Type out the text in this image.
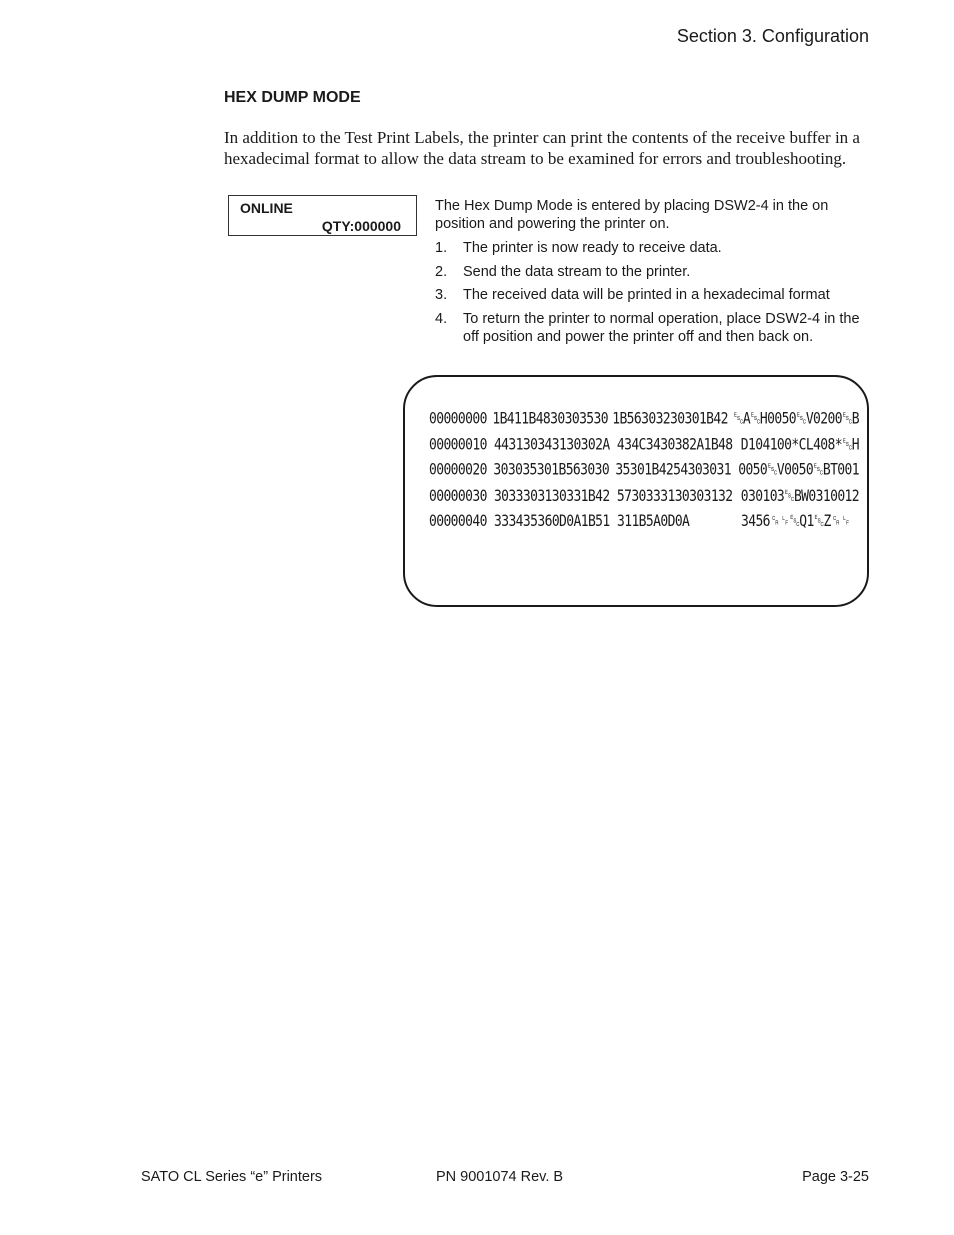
Section 3. Configuration
HEX DUMP MODE

In addition to the Test Print Labels, the printer can print the contents of the receive buffer in a hexadecimal format to allow the data stream to be examined for errors and troubleshooting.

ONLINE
QTY:000000

The Hex Dump Mode is entered by placing DSW2-4 in the on position and powering the printer on.

1. The printer is now ready to receive data.
2. Send the data stream to the printer.
3. The received data will be printed in a hexadecimal format
4. To return the printer to normal operation, place DSW2-4 in the off position and power the printer off and then back on.
00000000 1B411B4830303530 1B56303230301B42 ␛A␛H0050␛V0200␛B
00000010 443130343130302A 434C3430382A1B48 D104100*CL408*␛H
00000020 303035301B563030 35301B4254303031 0050␛V0050␛BT001
00000030 3033303130331B42 5730333130303132 030103␛BW0310012
00000040 333435360D0A1B51 311B5A0D0A	3456␍␊␛Q1␛Z␍␊
SATO CL Series “e” Printers	PN 9001074 Rev. B	Page 3-25
